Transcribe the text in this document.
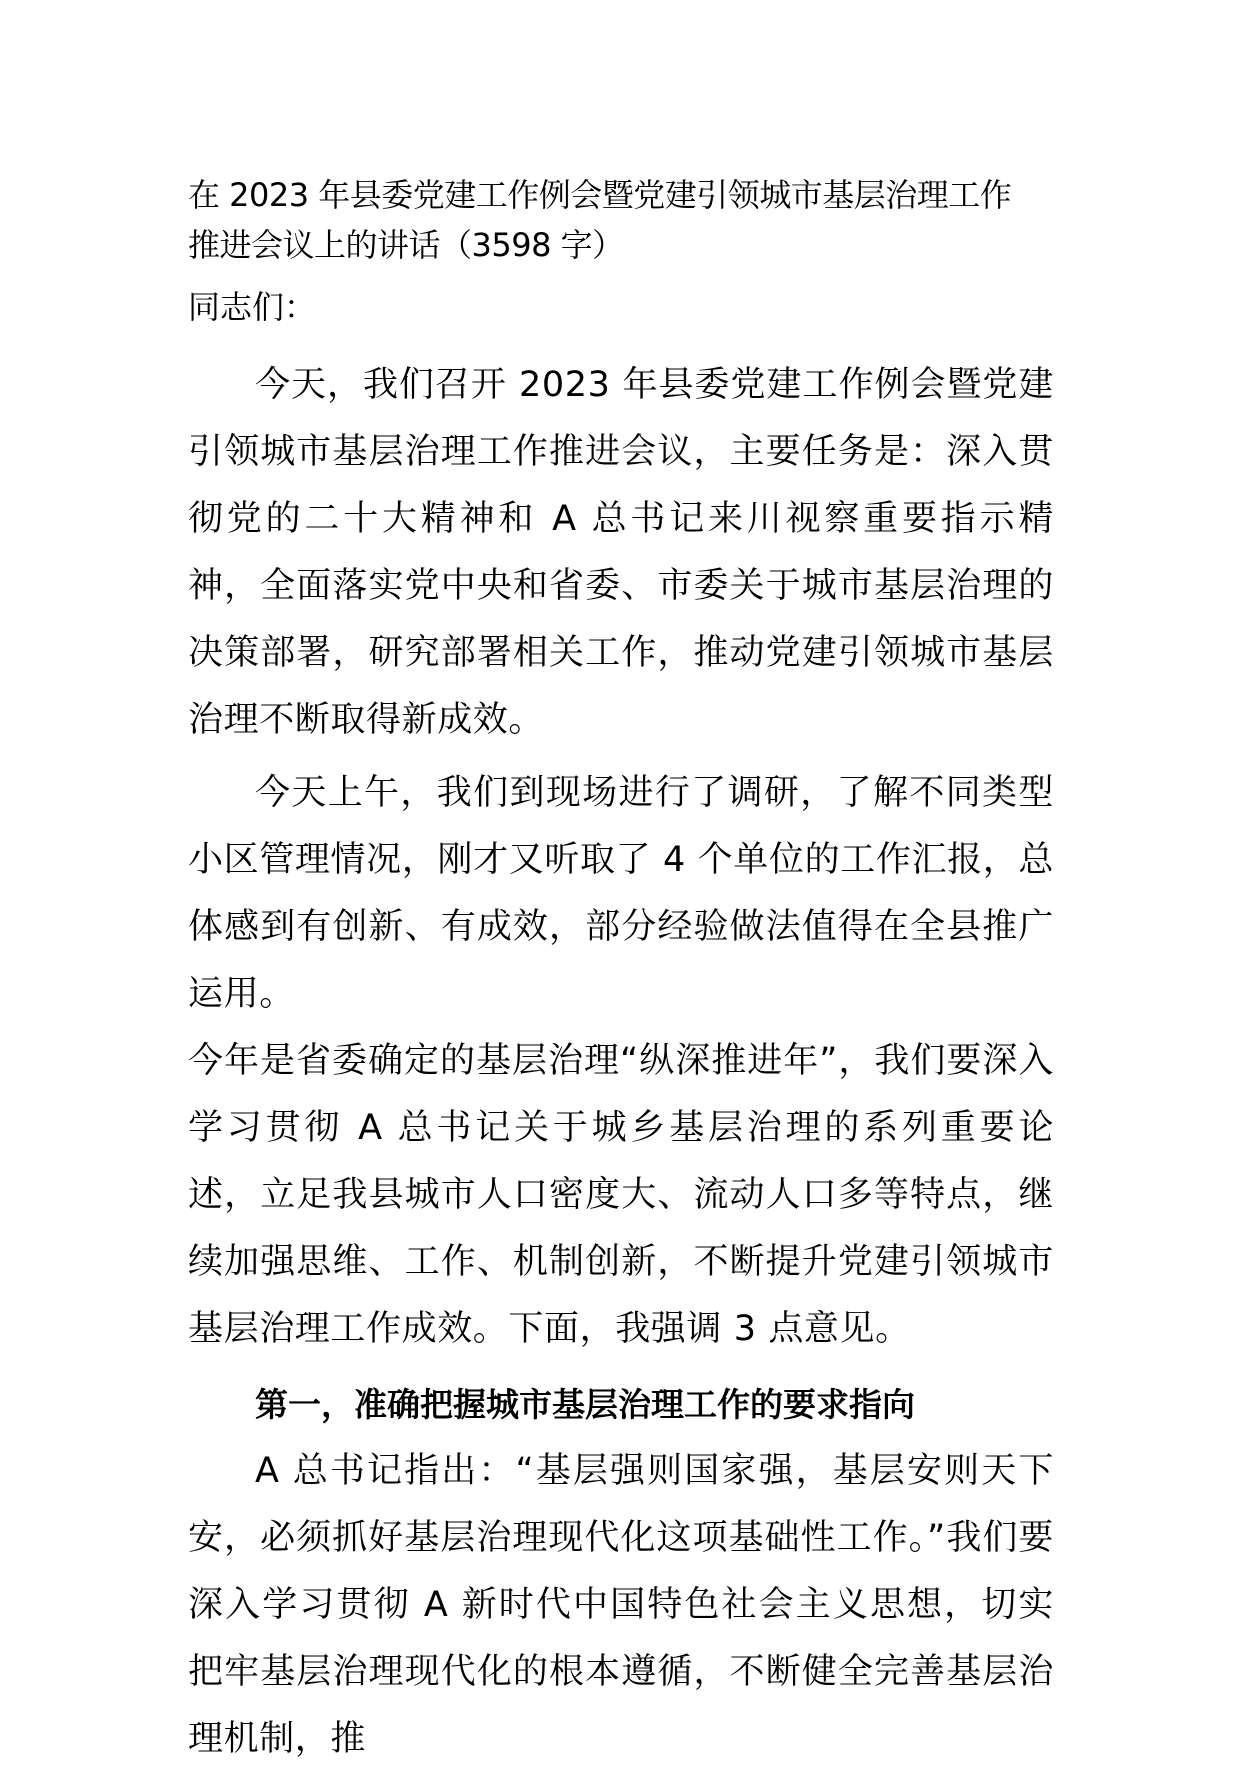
在 2023 年县委党建工作例会暨党建引领城市基层治理工作

推进会议上的讲话（3598 字）

同志们：

今天，我们召开 2023 年县委党建工作例会暨党建引领城市基层治理工作推进会议，主要任务是：深入贯彻党的二十大精神和 A 总书记来川视察重要指示精神，全面落实党中央和省委、市委关于城市基层治理的决策部署，研究部署相关工作，推动党建引领城市基层治理不断取得新成效。

今天上午，我们到现场进行了调研，了解不同类型小区管理情况，刚才又听取了 4 个单位的工作汇报，总体感到有创新、有成效，部分经验做法值得在全县推广运用。

今年是省委确定的基层治理“纵深推进年”，我们要深入学习贯彻 A 总书记关于城乡基层治理的系列重要论述，立足我县城市人口密度大、流动人口多等特点，继续加强思维、工作、机制创新，不断提升党建引领城市基层治理工作成效。下面，我强调 3 点意见。

第一，准确把握城市基层治理工作的要求指向

A 总书记指出：“基层强则国家强，基层安则天下安，必须抓好基层治理现代化这项基础性工作。”我们要深入学习贯彻 A 新时代中国特色社会主义思想，切实把牢基层治理现代化的根本遵循，不断健全完善基层治理机制，推
